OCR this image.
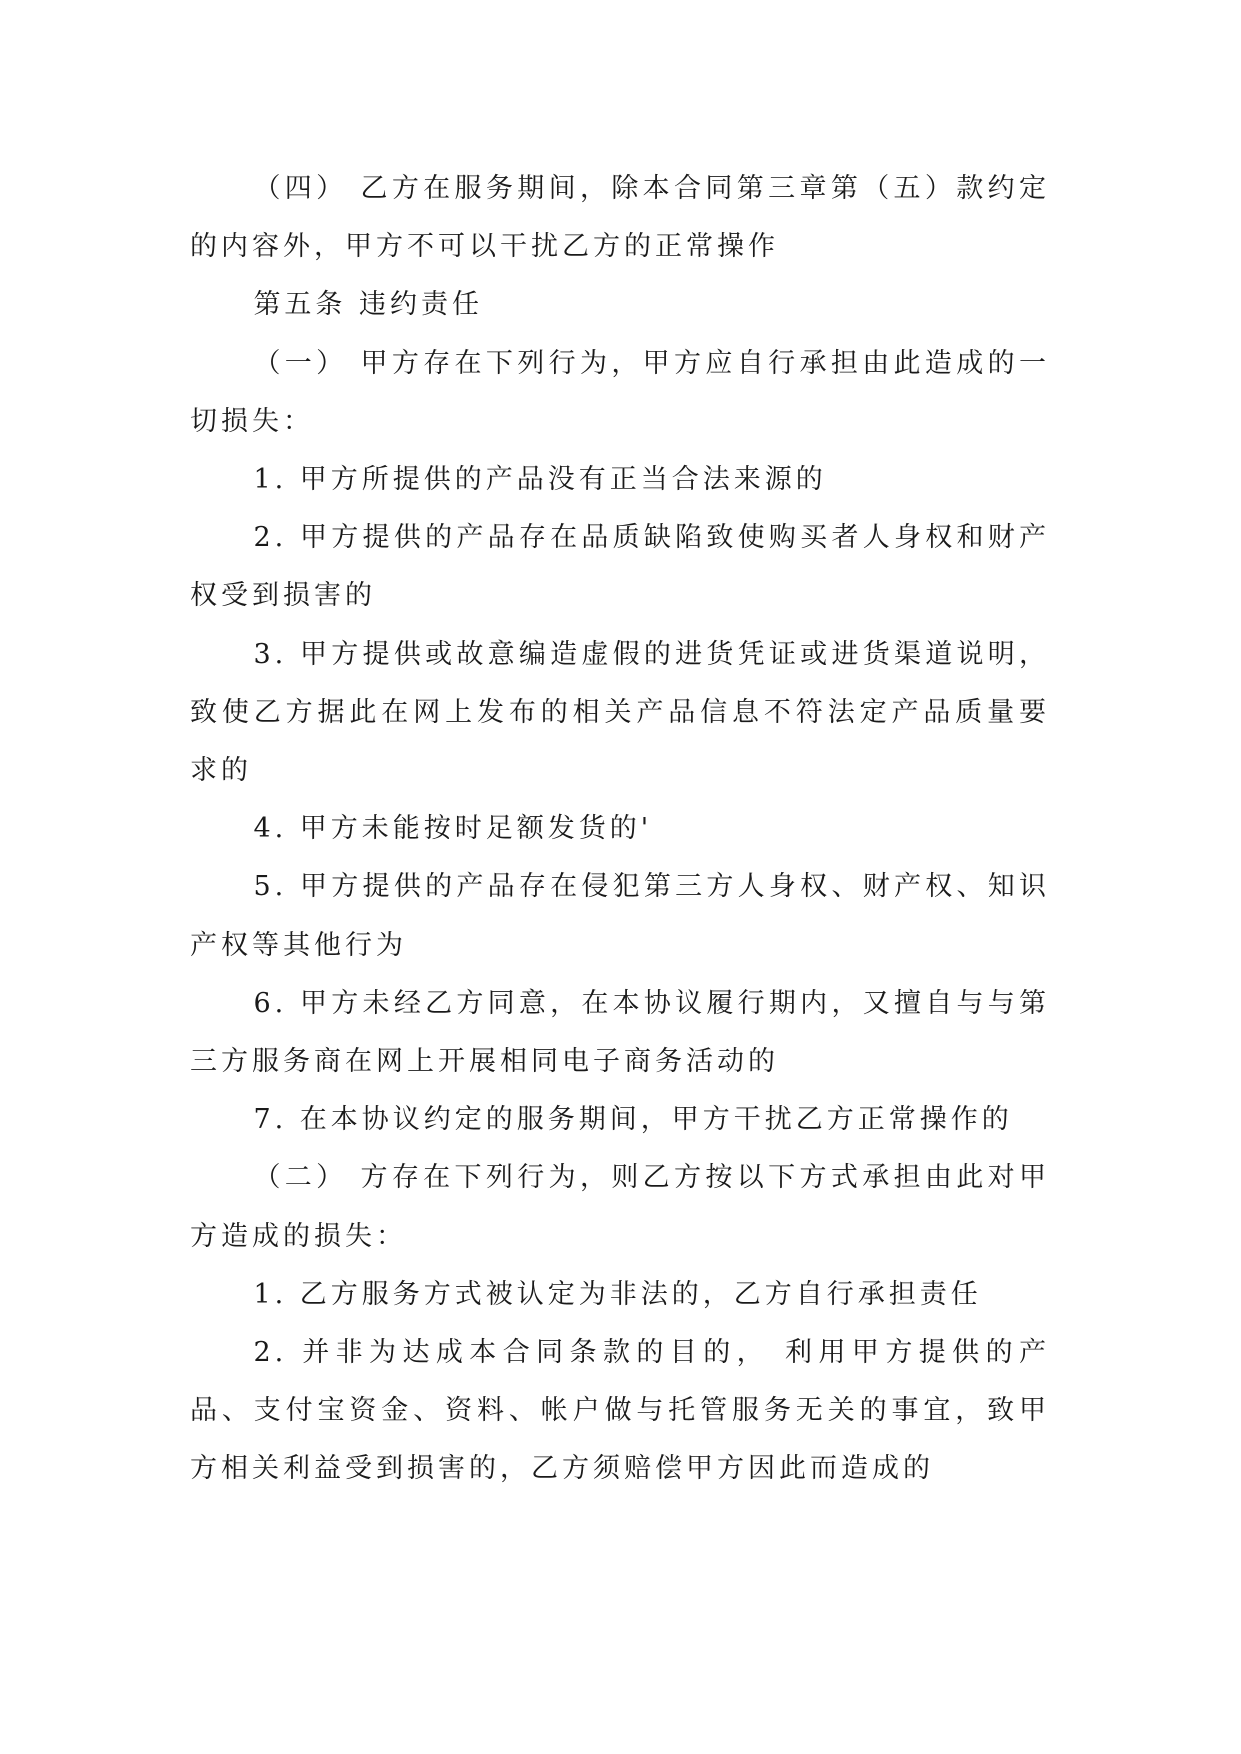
（四） 乙方在服务期间，除本合同第三章第（五）款约定的内容外，甲方不可以干扰乙方的正常操作

第五条 违约责任

（一） 甲方存在下列行为，甲方应自行承担由此造成的一切损失：

1. 甲方所提供的产品没有正当合法来源的

2. 甲方提供的产品存在品质缺陷致使购买者人身权和财产权受到损害的

3. 甲方提供或故意编造虚假的进货凭证或进货渠道说明，致使乙方据此在网上发布的相关产品信息不符法定产品质量要求的

4. 甲方未能按时足额发货的'

5. 甲方提供的产品存在侵犯第三方人身权、财产权、知识产权等其他行为

6. 甲方未经乙方同意，在本协议履行期内，又擅自与与第三方服务商在网上开展相同电子商务活动的

7. 在本协议约定的服务期间，甲方干扰乙方正常操作的

（二） 方存在下列行为，则乙方按以下方式承担由此对甲方造成的损失：

1. 乙方服务方式被认定为非法的，乙方自行承担责任

2. 并非为达成本合同条款的目的， 利用甲方提供的产品、支付宝资金、资料、帐户做与托管服务无关的事宜，致甲方相关利益受到损害的，乙方须赔偿甲方因此而造成的
